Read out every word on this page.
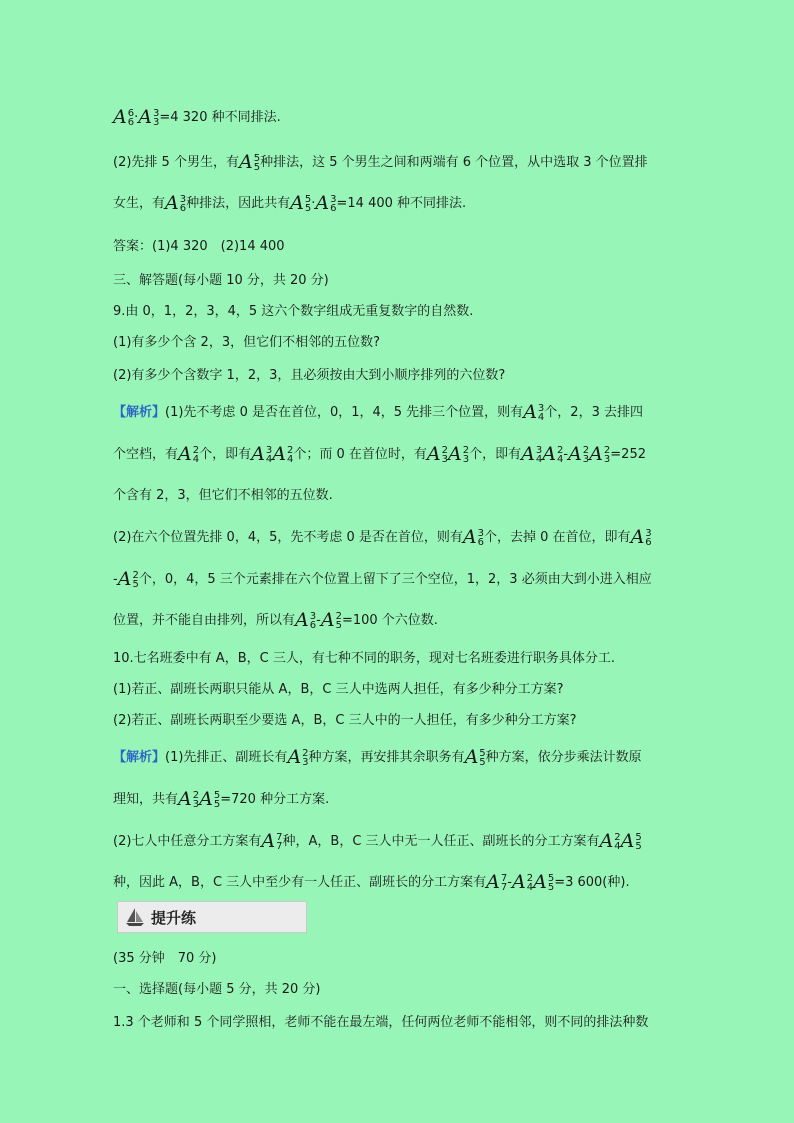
A 6
6 ·A 3
3 =4 320 种不同排法.
(2)先排 5 个男生，有A 5
5 种排法，这 5 个男生之间和两端有 6 个位置，从中选取 3 个位置排
女生，有A 3
6 种排法，因此共有A 5
5 ·A 3
6 =14 400 种不同排法.
答案：(1)4 320　(2)14 400
三、解答题(每小题 10 分，共 20 分)
9.由 0，1，2，3，4，5 这六个数字组成无重复数字的自然数.
(1)有多少个含 2，3，但它们不相邻的五位数?
(2)有多少个含数字 1，2，3，且必须按由大到小顺序排列的六位数?
【解析】(1)先不考虑 0 是否在首位，0，1，4，5 先排三个位置，则有A 3
4 个，2，3 去排四
个空档，有A 2
4 个，即有A 3
4 A 2
4 个；而 0 在首位时，有A 2
3 A 2
3 个，即有A 3
4 A 2
4 -A 2
3 A 2
3 =252
个含有 2，3，但它们不相邻的五位数.
(2)在六个位置先排 0，4，5，先不考虑 0 是否在首位，则有A 3
6 个，去掉 0 在首位，即有A 3
6
-A 2
5 个，0，4，5 三个元素排在六个位置上留下了三个空位，1，2，3 必须由大到小进入相应
位置，并不能自由排列，所以有A 3
6 -A 2
5 =100 个六位数.
10.七名班委中有 A，B，C 三人，有七种不同的职务，现对七名班委进行职务具体分工.
(1)若正、副班长两职只能从 A，B，C 三人中选两人担任，有多少种分工方案?
(2)若正、副班长两职至少要选 A，B，C 三人中的一人担任，有多少种分工方案?
【解析】(1)先排正、副班长有A 2
3 种方案，再安排其余职务有A 5
5 种方案，依分步乘法计数原
理知，共有A 2
3 A 5
5 =720 种分工方案.
(2)七人中任意分工方案有A 7
7 种，A，B，C 三人中无一人任正、副班长的分工方案有A 2
4 A 5
5
种，因此 A，B，C 三人中至少有一人任正、副班长的分工方案有A 7
7 -A 2
4 A 5
5 =3 600(种).
(35 分钟　70 分)
一、选择题(每小题 5 分，共 20 分)
1.3 个老师和 5 个同学照相，老师不能在最左端，任何两位老师不能相邻，则不同的排法种数
提升练
